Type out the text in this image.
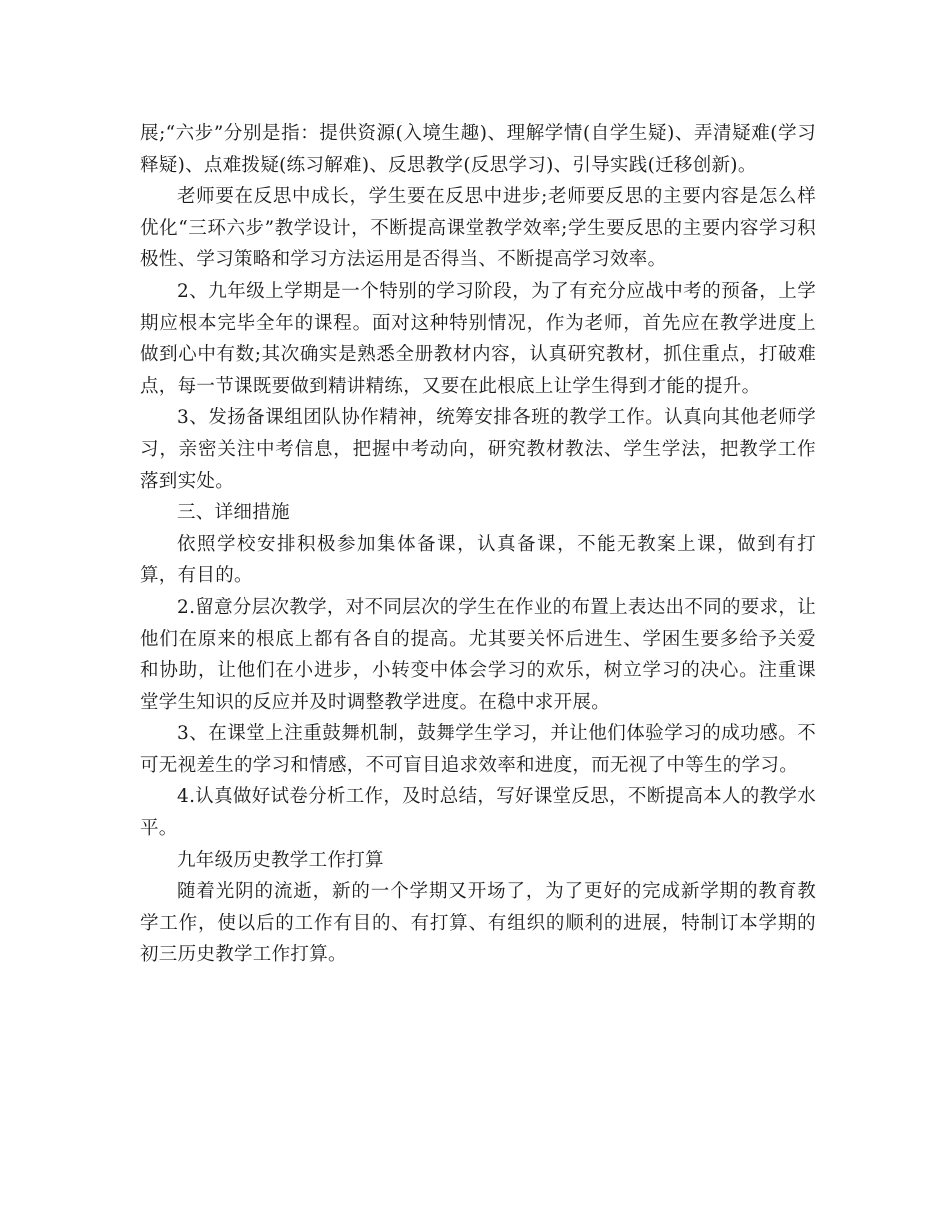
展;“六步”分别是指：提供资源(入境生趣)、理解学情(自学生疑)、弄清疑难(学习释疑)、点难拨疑(练习解难)、反思教学(反思学习)、引导实践(迁移创新)。

老师要在反思中成长，学生要在反思中进步;老师要反思的主要内容是怎么样优化“三环六步”教学设计，不断提高课堂教学效率;学生要反思的主要内容学习积极性、学习策略和学习方法运用是否得当、不断提高学习效率。

2、九年级上学期是一个特别的学习阶段，为了有充分应战中考的预备，上学期应根本完毕全年的课程。面对这种特别情况，作为老师，首先应在教学进度上做到心中有数;其次确实是熟悉全册教材内容，认真研究教材，抓住重点，打破难点，每一节课既要做到精讲精练，又要在此根底上让学生得到才能的提升。

3、发扬备课组团队协作精神，统筹安排各班的教学工作。认真向其他老师学习，亲密关注中考信息，把握中考动向，研究教材教法、学生学法，把教学工作落到实处。

三、详细措施

依照学校安排积极参加集体备课，认真备课，不能无教案上课，做到有打算，有目的。

2.留意分层次教学，对不同层次的学生在作业的布置上表达出不同的要求，让他们在原来的根底上都有各自的提高。尤其要关怀后进生、学困生要多给予关爱和协助，让他们在小进步，小转变中体会学习的欢乐，树立学习的决心。注重课堂学生知识的反应并及时调整教学进度。在稳中求开展。

3、在课堂上注重鼓舞机制，鼓舞学生学习，并让他们体验学习的成功感。不可无视差生的学习和情感，不可盲目追求效率和进度，而无视了中等生的学习。

4.认真做好试卷分析工作，及时总结，写好课堂反思，不断提高本人的教学水平。

九年级历史教学工作打算

随着光阴的流逝，新的一个学期又开场了，为了更好的完成新学期的教育教学工作，使以后的工作有目的、有打算、有组织的顺利的进展，特制订本学期的初三历史教学工作打算。
